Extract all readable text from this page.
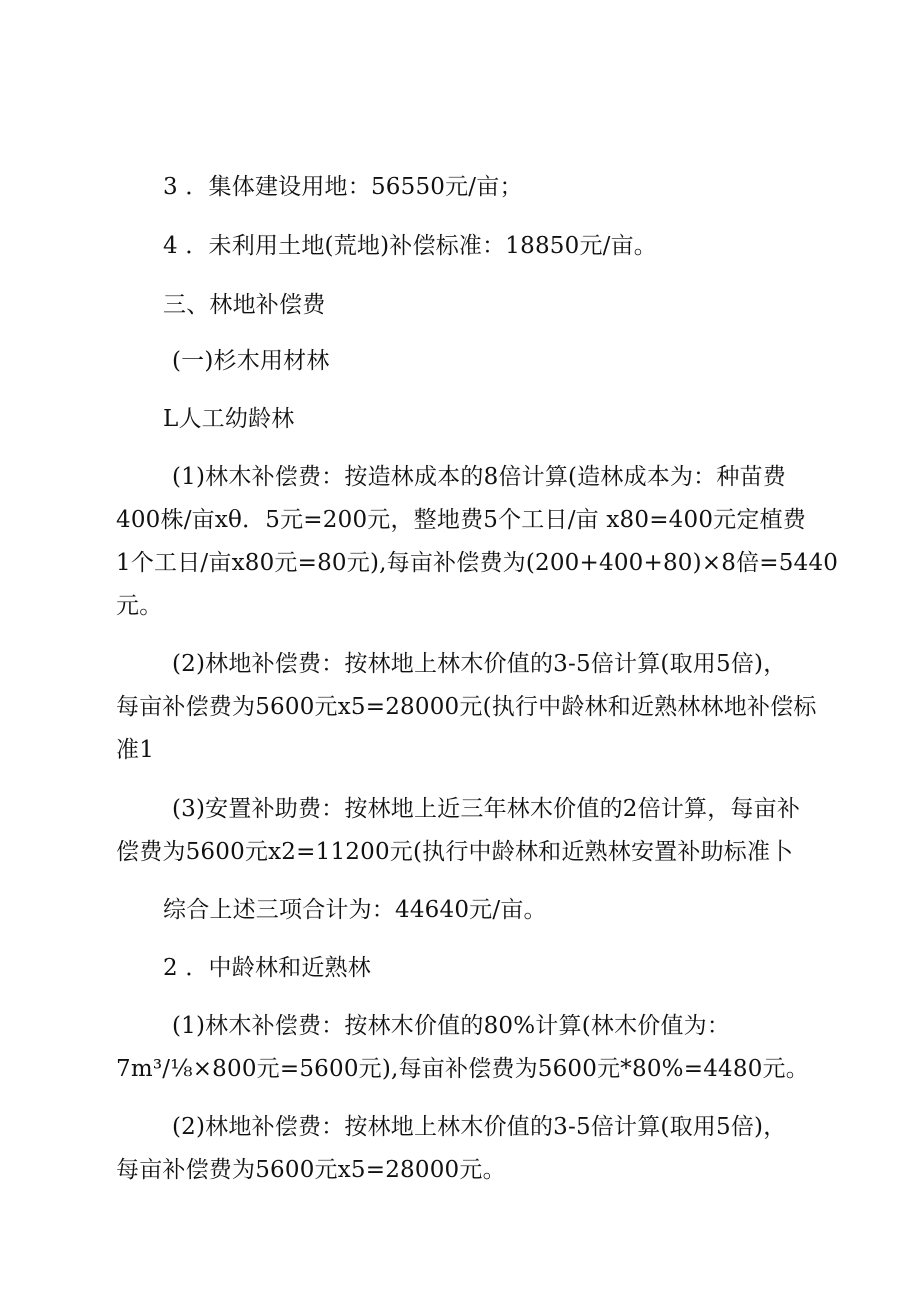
3 ．集体建设用地：56550元/亩；
4 ．未利用土地(荒地)补偿标准：18850元/亩。
三、林地补偿费
(一)杉木用材林
L人工幼龄林
(1)林木补偿费：按造林成本的8倍计算(造林成本为：种苗费
400株/亩xθ．5元=200元，整地费5个工日/亩 x80=400元定植费
1个工日/亩x80元=80元),每亩补偿费为(200+400+80)×8倍=5440
元。
(2)林地补偿费：按林地上林木价值的3-5倍计算(取用5倍)，
每亩补偿费为5600元x5=28000元(执行中龄林和近熟林林地补偿标
准1
(3)安置补助费：按林地上近三年林木价值的2倍计算，每亩补
偿费为5600元x2=11200元(执行中龄林和近熟林安置补助标准卜
综合上述三项合计为：44640元/亩。
2 ．中龄林和近熟林
(1)林木补偿费：按林木价值的80%计算(林木价值为：
7m³/⅛×800元=5600元),每亩补偿费为5600元*80%=4480元。
(2)林地补偿费：按林地上林木价值的3-5倍计算(取用5倍)，
每亩补偿费为5600元x5=28000元。
